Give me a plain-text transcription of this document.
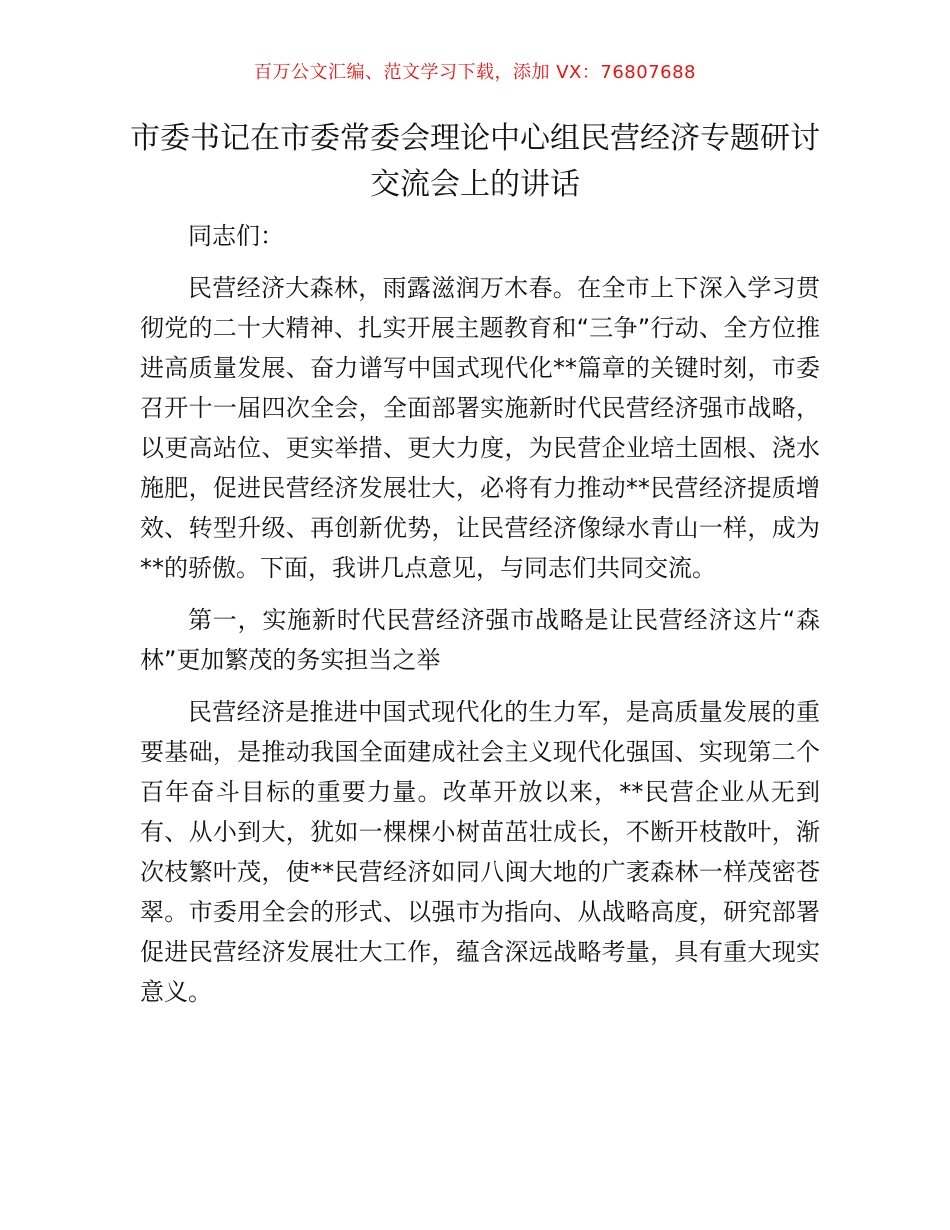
百万公文汇编、范文学习下载，添加 VX：76807688
市委书记在市委常委会理论中心组民营经济专题研讨交流会上的讲话

同志们：

民营经济大森林，雨露滋润万木春。在全市上下深入学习贯彻党的二十大精神、扎实开展主题教育和“三争”行动、全方位推进高质量发展、奋力谱写中国式现代化**篇章的关键时刻，市委召开十一届四次全会，全面部署实施新时代民营经济强市战略，以更高站位、更实举措、更大力度，为民营企业培土固根、浇水施肥，促进民营经济发展壮大，必将有力推动**民营经济提质增效、转型升级、再创新优势，让民营经济像绿水青山一样，成为**的骄傲。下面，我讲几点意见，与同志们共同交流。

第一，实施新时代民营经济强市战略是让民营经济这片“森林”更加繁茂的务实担当之举

民营经济是推进中国式现代化的生力军，是高质量发展的重要基础，是推动我国全面建成社会主义现代化强国、实现第二个百年奋斗目标的重要力量。改革开放以来，**民营企业从无到有、从小到大，犹如一棵棵小树苗茁壮成长，不断开枝散叶，渐次枝繁叶茂，使**民营经济如同八闽大地的广袤森林一样茂密苍翠。市委用全会的形式、以强市为指向、从战略高度，研究部署促进民营经济发展壮大工作，蕴含深远战略考量，具有重大现实意义。
